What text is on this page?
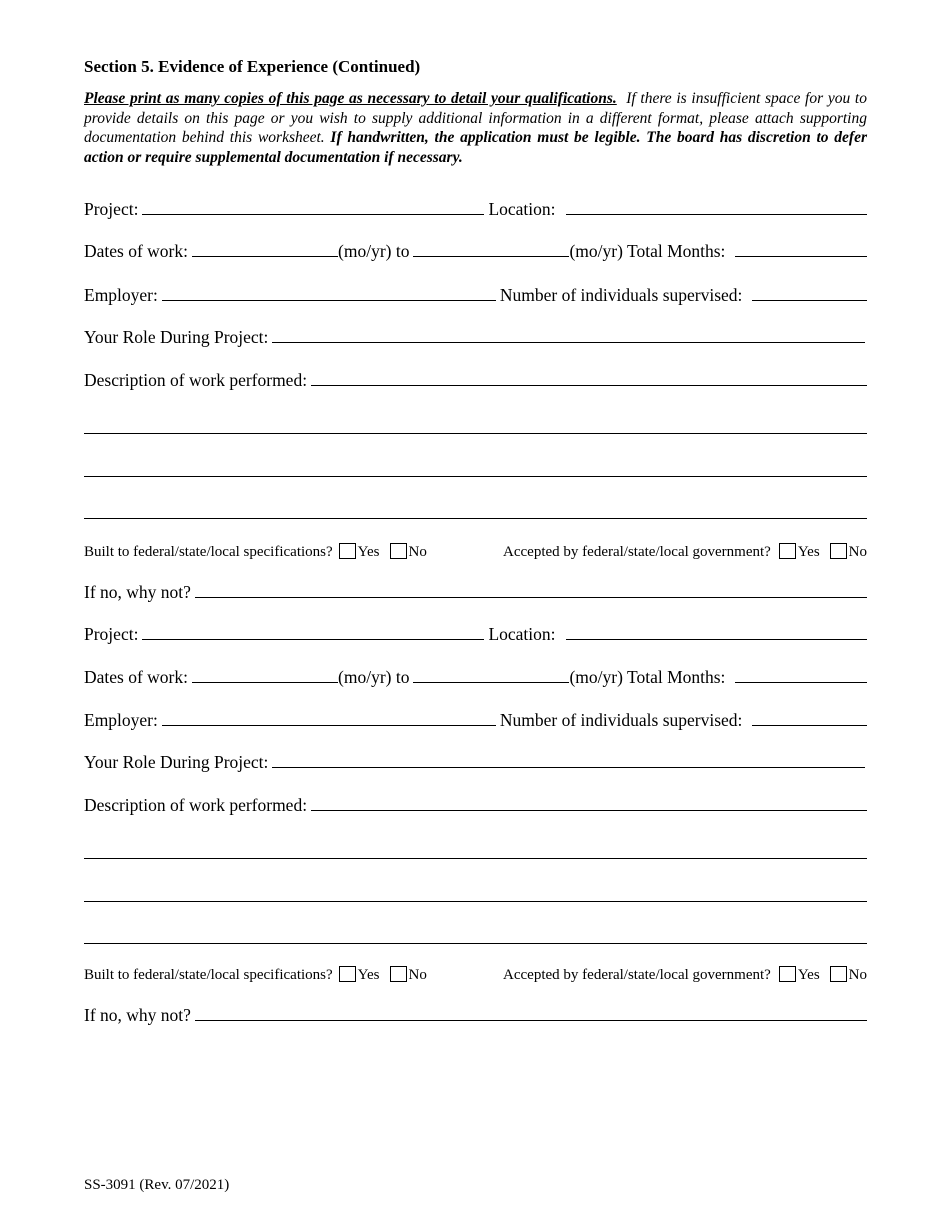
Section 5. Evidence of Experience (Continued)
Please print as many copies of this page as necessary to detail your qualifications. If there is insufficient space for you to provide details on this page or you wish to supply additional information in a different format, please attach supporting documentation behind this worksheet. If handwritten, the application must be legible. The board has discretion to defer action or require supplemental documentation if necessary.
Project:	Location:
Dates of work:	(mo/yr) to	(mo/yr) Total Months:
Employer:	Number of individuals supervised:
Your Role During Project:
Description of work performed:
Built to federal/state/local specifications? Yes No	Accepted by federal/state/local government? Yes No
If no, why not?
Project:	Location:
Dates of work:	(mo/yr) to	(mo/yr) Total Months:
Employer:	Number of individuals supervised:
Your Role During Project:
Description of work performed:
Built to federal/state/local specifications? Yes No	Accepted by federal/state/local government? Yes No
If no, why not?
SS-3091 (Rev. 07/2021)
